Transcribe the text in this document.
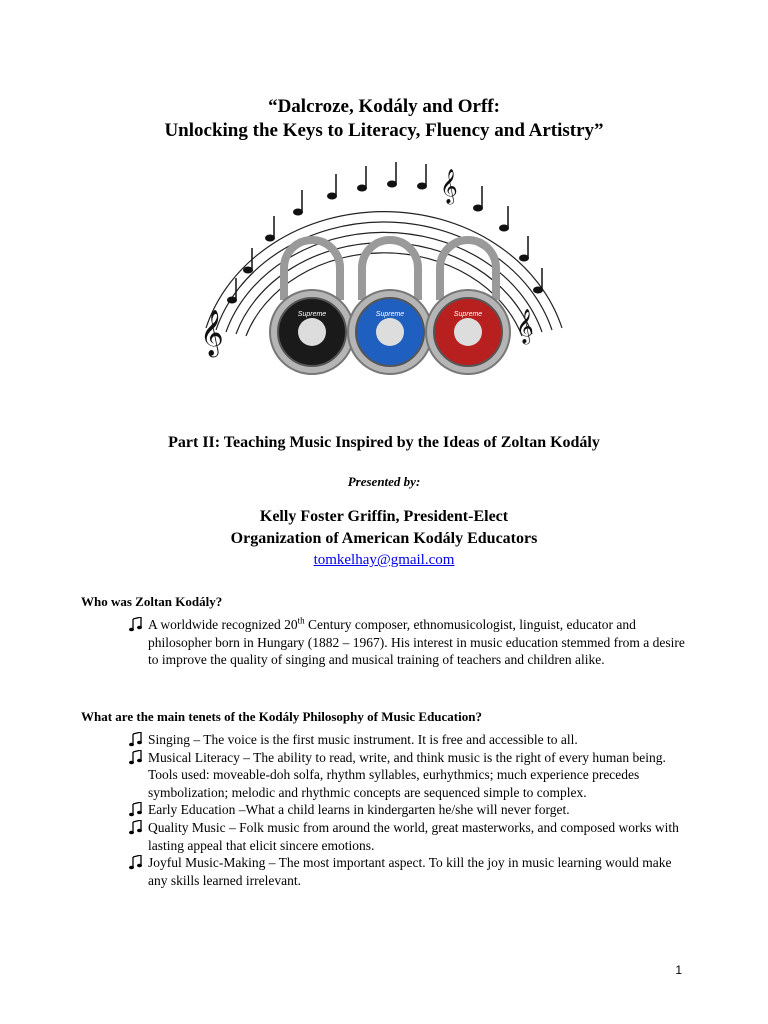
“Dalcroze, Kodály and Orff:
Unlocking the Keys to Literacy, Fluency and Artistry”
𝄞
𝄞
𝄞	Supreme	Supreme	Supreme
Part II: Teaching Music Inspired by the Ideas of Zoltan Kodály
Presented by:
Kelly Foster Griffin, President-Elect
Organization of American Kodály Educators
tomkelhay@gmail.com
Who was Zoltan Kodály?
A worldwide recognized 20th Century composer, ethnomusicologist, linguist, educator and philosopher born in Hungary (1882 – 1967). His interest in music education stemmed from a desire to improve the quality of singing and musical training of teachers and children alike.
What are the main tenets of the Kodály Philosophy of Music Education?
Singing – The voice is the first music instrument. It is free and accessible to all.
Musical Literacy – The ability to read, write, and think music is the right of every human being. Tools used: moveable-doh solfa, rhythm syllables, eurhythmics; much experience precedes symbolization; melodic and rhythmic concepts are sequenced simple to complex.
Early Education –What a child learns in kindergarten he/she will never forget.
Quality Music – Folk music from around the world, great masterworks, and composed works with lasting appeal that elicit sincere emotions.
Joyful Music-Making – The most important aspect. To kill the joy in music learning would make any skills learned irrelevant.
1
